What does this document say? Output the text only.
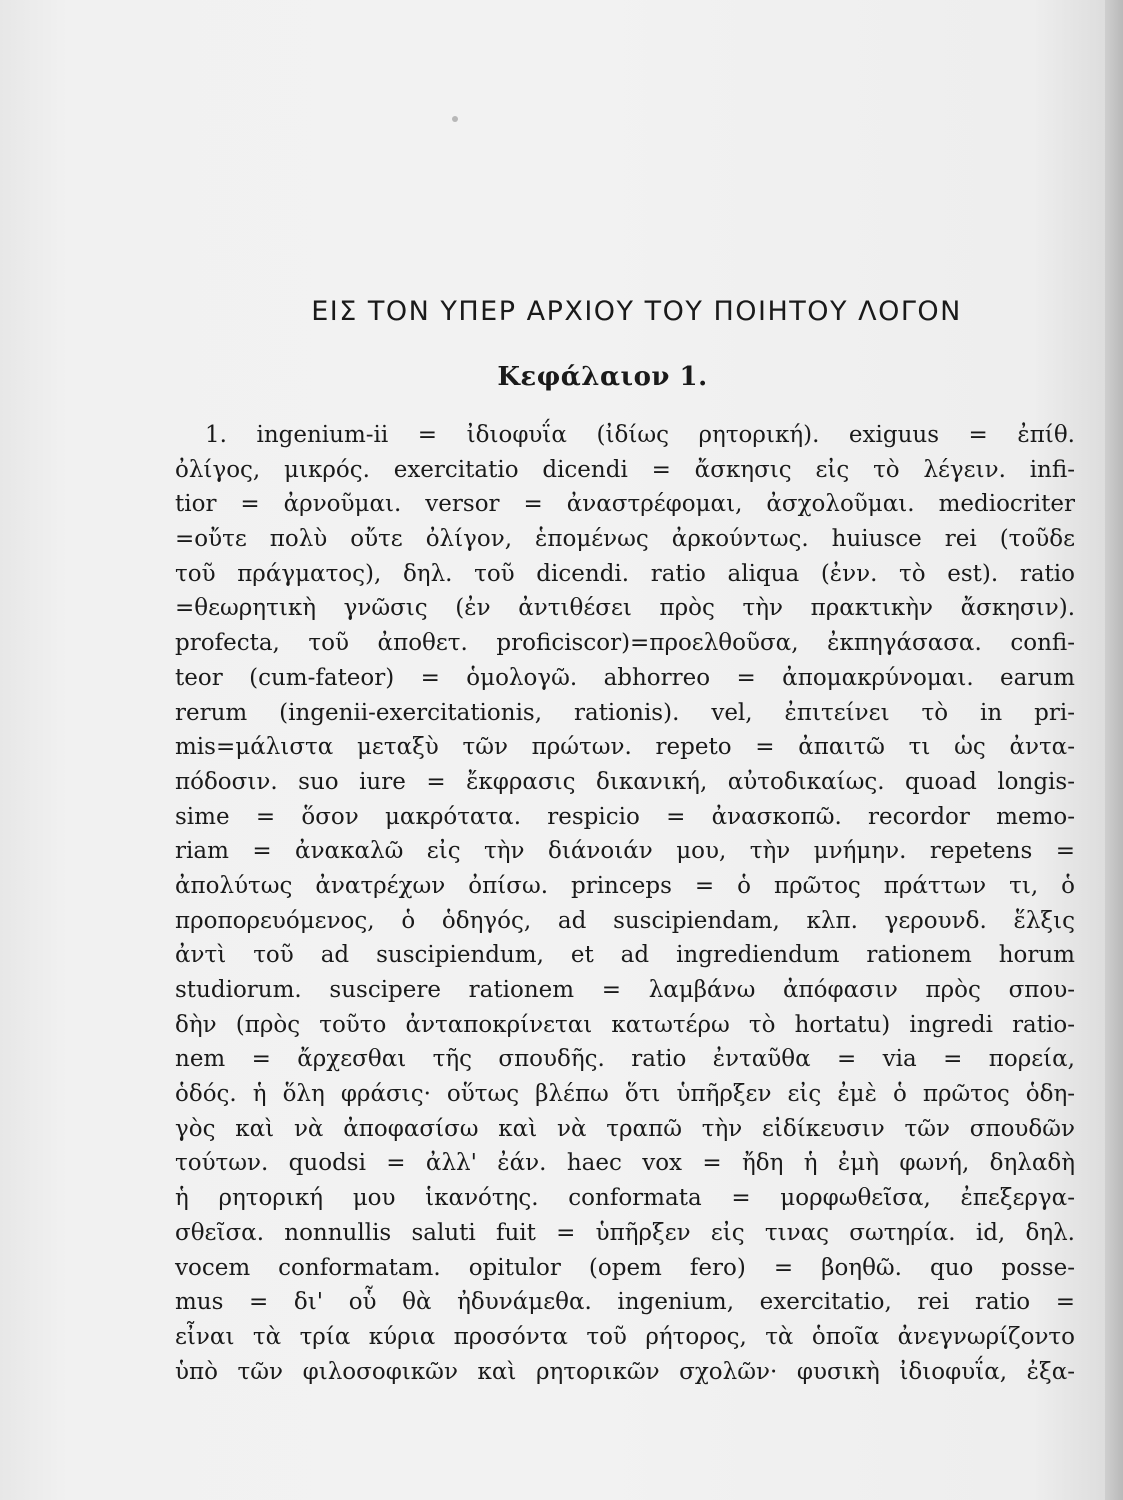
ΕΙΣ ΤΟΝ ΥΠΕΡ ΑΡΧΙΟΥ ΤΟΥ ΠΟΙΗΤΟΥ ΛΟΓΟΝ
Κεφάλαιον 1.
1. ingenium-ii = ἰδιοφυΐα (ἰδίως ρητορική). exiguus = ἐπίθ.
ὀλίγος, μικρός. exercitatio dicendi = ἄσκησις εἰς τὸ λέγειν. infi-
tior = ἀρνοῦμαι. versor = ἀναστρέφομαι, ἀσχολοῦμαι. mediocriter
=οὔτε πολὺ οὔτε ὀλίγον, ἑπομένως ἀρκούντως. huiusce rei (τοῦδε
τοῦ πράγματος), δηλ. τοῦ dicendi. ratio aliqua (ἐνν. τὸ est). ratio
=θεωρητικὴ γνῶσις (ἐν ἀντιθέσει πρὸς τὴν πρακτικὴν ἄσκησιν).
profecta, τοῦ ἀποθετ. proficiscor)=προελθοῦσα, ἐκπηγάσασα. confi-
teor (cum-fateor) = ὁμολογῶ. abhorreo = ἀπομακρύνομαι. earum
rerum (ingenii-exercitationis, rationis). vel, ἐπιτείνει τὸ in pri-
mis=μάλιστα μεταξὺ τῶν πρώτων. repeto = ἀπαιτῶ τι ὡς ἀντα-
πόδοσιν. suo iure = ἔκφρασις δικανική, αὐτοδικαίως. quoad longis-
sime = ὅσον μακρότατα. respicio = ἀνασκοπῶ. recordor memo-
riam = ἀνακαλῶ εἰς τὴν διάνοιάν μου, τὴν μνήμην. repetens =
ἀπολύτως ἀνατρέχων ὀπίσω. princeps = ὁ πρῶτος πράττων τι, ὁ
προπορευόμενος, ὁ ὁδηγός, ad suscipiendam, κλπ. γερουνδ. ἕλξις
ἀντὶ τοῦ ad suscipiendum, et ad ingrediendum rationem horum
studiorum. suscipere rationem = λαμβάνω ἀπόφασιν πρὸς σπου-
δὴν (πρὸς τοῦτο ἀνταποκρίνεται κατωτέρω τὸ hortatu) ingredi ratio-
nem = ἄρχεσθαι τῆς σπουδῆς. ratio ἐνταῦθα = via = πορεία,
ὁδός. ἡ ὅλη φράσις· οὕτως βλέπω ὅτι ὑπῆρξεν εἰς ἐμὲ ὁ πρῶτος ὁδη-
γὸς καὶ νὰ ἀποφασίσω καὶ νὰ τραπῶ τὴν εἰδίκευσιν τῶν σπουδῶν
τούτων. quodsi = ἀλλ' ἐάν. haec vox = ἤδη ἡ ἐμὴ φωνή, δηλαδὴ
ἡ ρητορική μου ἱκανότης. conformata = μορφωθεῖσα, ἐπεξεργα-
σθεῖσα. nonnullis saluti fuit = ὑπῆρξεν εἰς τινας σωτηρία. id, δηλ.
vocem conformatam. opitulor (opem fero) = βοηθῶ. quo posse-
mus = δι' οὗ θὰ ἠδυνάμεθα. ingenium, exercitatio, rei ratio =
εἶναι τὰ τρία κύρια προσόντα τοῦ ρήτορος, τὰ ὁποῖα ἀνεγνωρίζοντο
ὑπὸ τῶν φιλοσοφικῶν καὶ ρητορικῶν σχολῶν· φυσικὴ ἰδιοφυΐα, ἐξα-
